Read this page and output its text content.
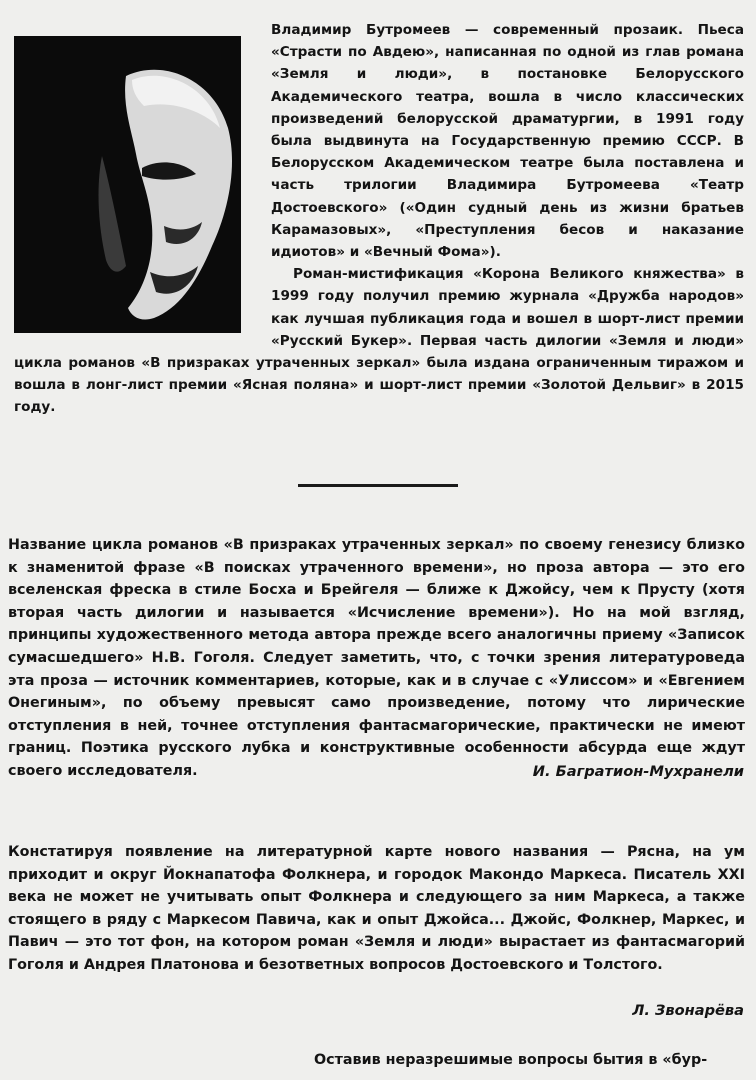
Владимир Бутромеев — современный прозаик. Пьеса «Страсти по Авдею», написанная по одной из глав романа «Земля и люди», в постановке Белорусского Академического театра, вошла в число классических произведений белорусской драматургии, в 1991 году была выдвинута на Государственную премию СССР. В Белорусском Академическом театре была поставлена и часть трилогии Владимира Бутромеева «Театр Достоевского» («Один судный день из жизни братьев Карамазовых», «Преступления бесов и наказание идиотов» и «Вечный Фома»).

Роман-мистификация «Корона Великого княжества» в 1999 году получил премию журнала «Дружба народов» как лучшая публикация года и вошел в шорт-лист премии «Русский Букер». Первая часть дилогии «Земля и люди» цикла романов «В призраках утраченных зеркал» была издана ограниченным тиражом и вошла в лонг-лист премии «Ясная поляна» и шорт-лист премии «Золотой Дельвиг» в 2015 году.

Название цикла романов «В призраках утраченных зеркал» по своему генезису близко к знаменитой фразе «В поисках утраченного времени», но проза автора — это его вселенская фреска в стиле Босха и Брейгеля — ближе к Джойсу, чем к Прусту (хотя вторая часть дилогии и называется «Исчисление времени»). Но на мой взгляд, принципы художественного метода автора прежде всего аналогичны приему «Записок сумасшедшего» Н.В. Гоголя. Следует заметить, что, с точки зрения литературоведа эта проза — источник комментариев, которые, как и в случае с «Улиссом» и «Евгением Онегиным», по объему превысят само произведение, потому что лирические отступления в ней, точнее отступления фантасмагорические, практически не имеют границ. Поэтика русского лубка и конструктивные особенности абсурда еще ждут своего исследователя.	И. Багратион-Мухранели

Констатируя появление на литературной карте нового названия — Рясна, на ум приходит и округ Йокнапатофа Фолкнера, и городок Макондо Маркеса. Писатель XXI века не может не учитывать опыт Фолкнера и следующего за ним Маркеса, а также стоящего в ряду с Маркесом Павича, как и опыт Джойса... Джойс, Фолкнер, Маркес, и Павич — это тот фон, на котором роман «Земля и люди» вырастает из фантасмагорий Гоголя и Андрея Платонова и безответных вопросов Достоевского и Толстого.

Л. Звонарёва

Оставив неразрешимые вопросы бытия в «бур-
